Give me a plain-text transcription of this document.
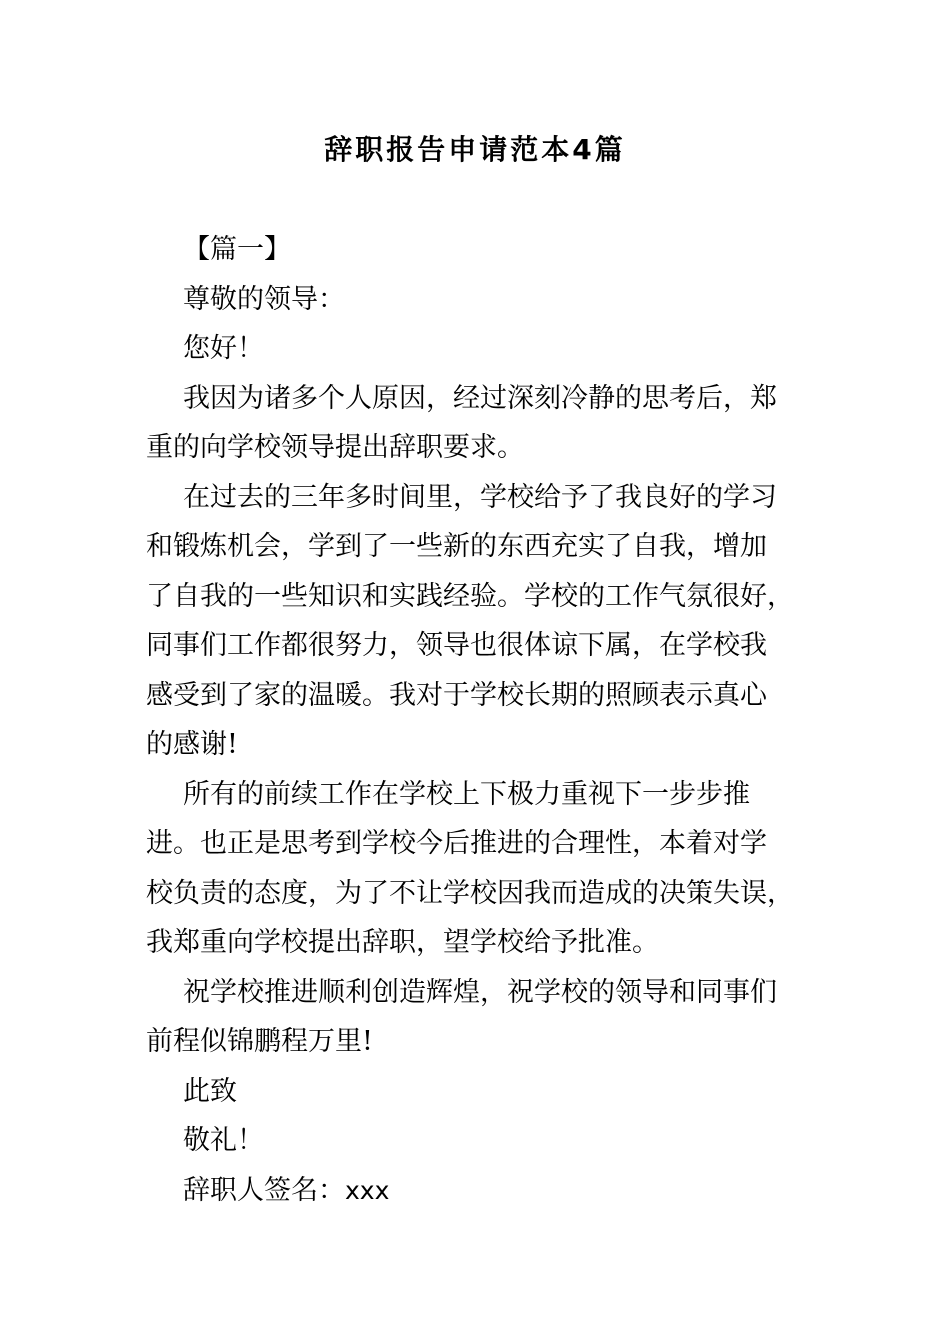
辞职报告申请范本4篇
【篇一】
尊敬的领导：
您好！
我因为诸多个人原因，经过深刻冷静的思考后，郑
重的向学校领导提出辞职要求。
在过去的三年多时间里，学校给予了我良好的学习
和锻炼机会，学到了一些新的东西充实了自我，增加
了自我的一些知识和实践经验。学校的工作气氛很好，
同事们工作都很努力，领导也很体谅下属，在学校我
感受到了家的温暖。我对于学校长期的照顾表示真心
的感谢!
所有的前续工作在学校上下极力重视下一步步推
进。也正是思考到学校今后推进的合理性，本着对学
校负责的态度，为了不让学校因我而造成的决策失误，
我郑重向学校提出辞职，望学校给予批准。
祝学校推进顺利创造辉煌，祝学校的领导和同事们
前程似锦鹏程万里!
此致
敬礼！
辞职人签名：xxx
